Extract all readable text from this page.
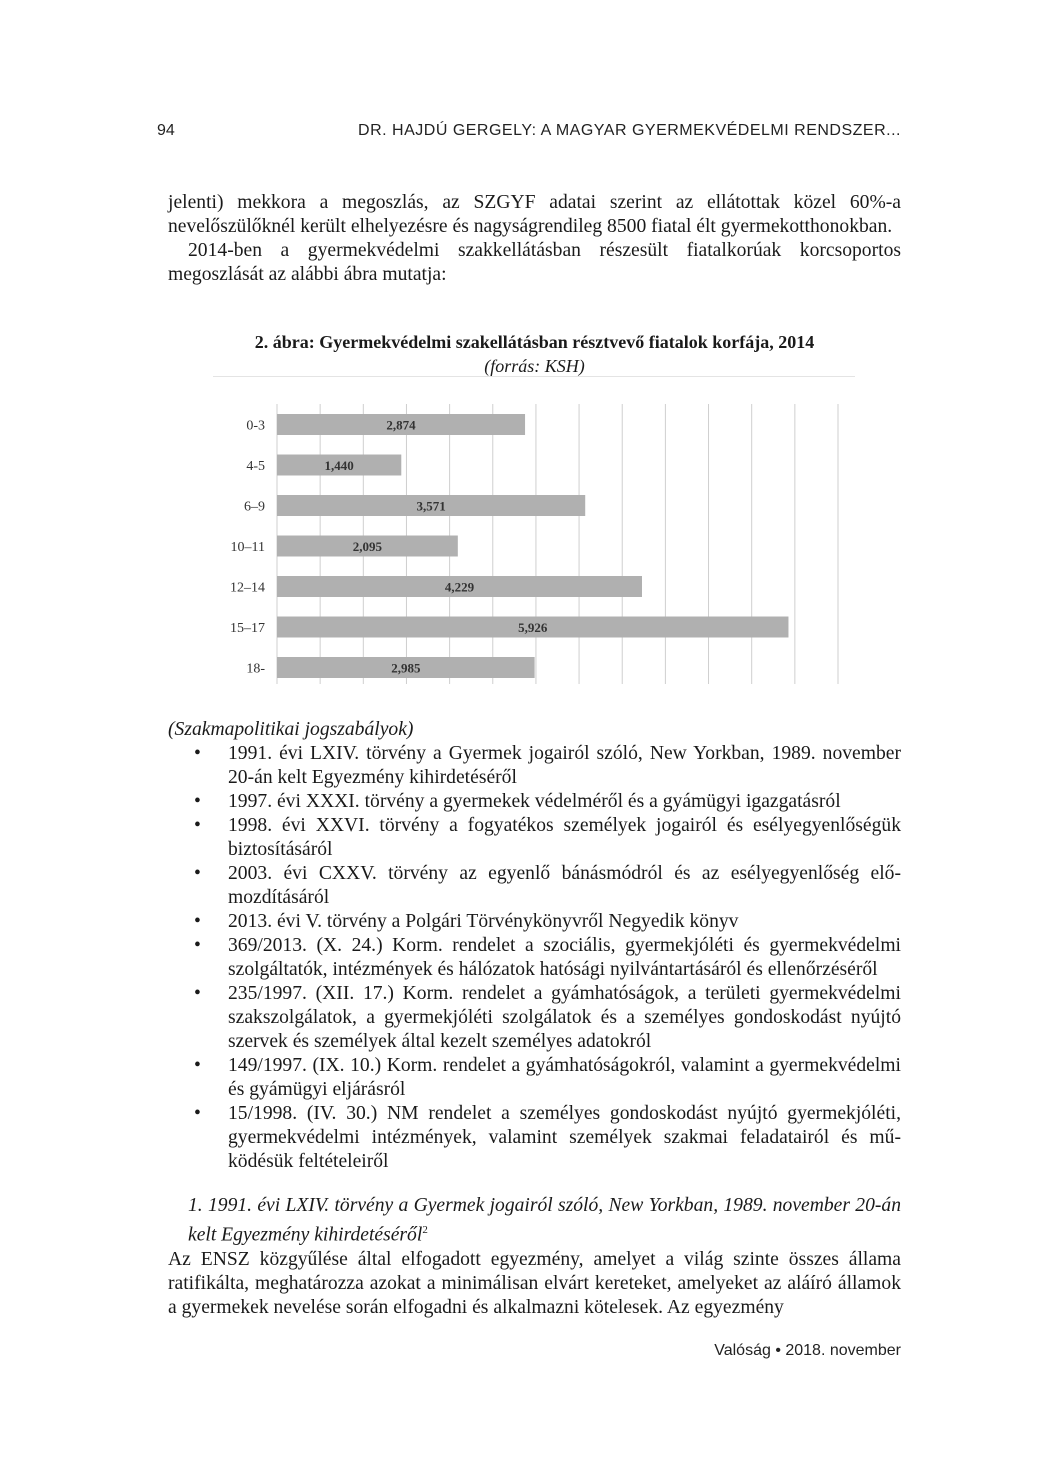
94	DR. HAJDÚ GERGELY: A MAGYAR GYERMEKVÉDELMI RENDSZER...

jelenti) mekkora a megoszlás, az SZGYF adatai szerint az ellátottak közel 60%-a nevelőszülőknél került elhelyezésre és nagyságrendileg 8500 fiatal élt gyermekotthonokban.

2014-ben a gyermekvédelmi szakkellátásban részesült fiatalkorúak korcsoportos megoszlását az alábbi ábra mutatja:

2. ábra: Gyermekvédelmi szakellátásban résztvevő fiatalok korfája, 2014
(forrás: KSH)
0-3
4-5
6–9
10–11
12–14
15–17
18-
2,874
1,440
3,571
2,095
4,229
5,926
2,985

(Szakmapolitikai jogszabályok)

• 1991. évi LXIV. törvény a Gyermek jogairól szóló, New Yorkban, 1989. november 20-án kelt Egyezmény kihirdetéséről
• 1997. évi XXXI. törvény a gyermekek védelméről és a gyámügyi igazgatásról
• 1998. évi XXVI. törvény a fogyatékos személyek jogairól és esélyegyenlőségük biztosításáról
• 2003. évi CXXV. törvény az egyenlő bánásmódról és az esélyegyenlőség előmozdításáról
• 2013. évi V. törvény a Polgári Törvénykönyvről Negyedik könyv
• 369/2013. (X. 24.) Korm. rendelet a szociális, gyermekjóléti és gyermekvédelmi szolgáltatók, intézmények és hálózatok hatósági nyilvántartásáról és ellenőrzéséről
• 235/1997. (XII. 17.) Korm. rendelet a gyámhatóságok, a területi gyermekvédelmi szakszolgálatok, a gyermekjóléti szolgálatok és a személyes gondoskodást nyújtó szervek és személyek által kezelt személyes adatokról
• 149/1997. (IX. 10.) Korm. rendelet a gyámhatóságokról, valamint a gyermekvédelmi és gyámügyi eljárásról
• 15/1998. (IV. 30.) NM rendelet a személyes gondoskodást nyújtó gyermekjóléti, gyermekvédelmi intézmények, valamint személyek szakmai feladatairól és működésük feltételeiről

1. 1991. évi LXIV. törvény a Gyermek jogairól szóló, New Yorkban, 1989. november 20-án kelt Egyezmény kihirdetéséről$^2$

Az ENSZ közgyűlése által elfogadott egyezmény, amelyet a világ szinte összes állama ratifikálta, meghatározza azokat a minimálisan elvárt kereteket, amelyeket az aláíró államok a gyermekek nevelése során elfogadni és alkalmazni kötelesek. Az egyezmény

Valóság • 2018. november
